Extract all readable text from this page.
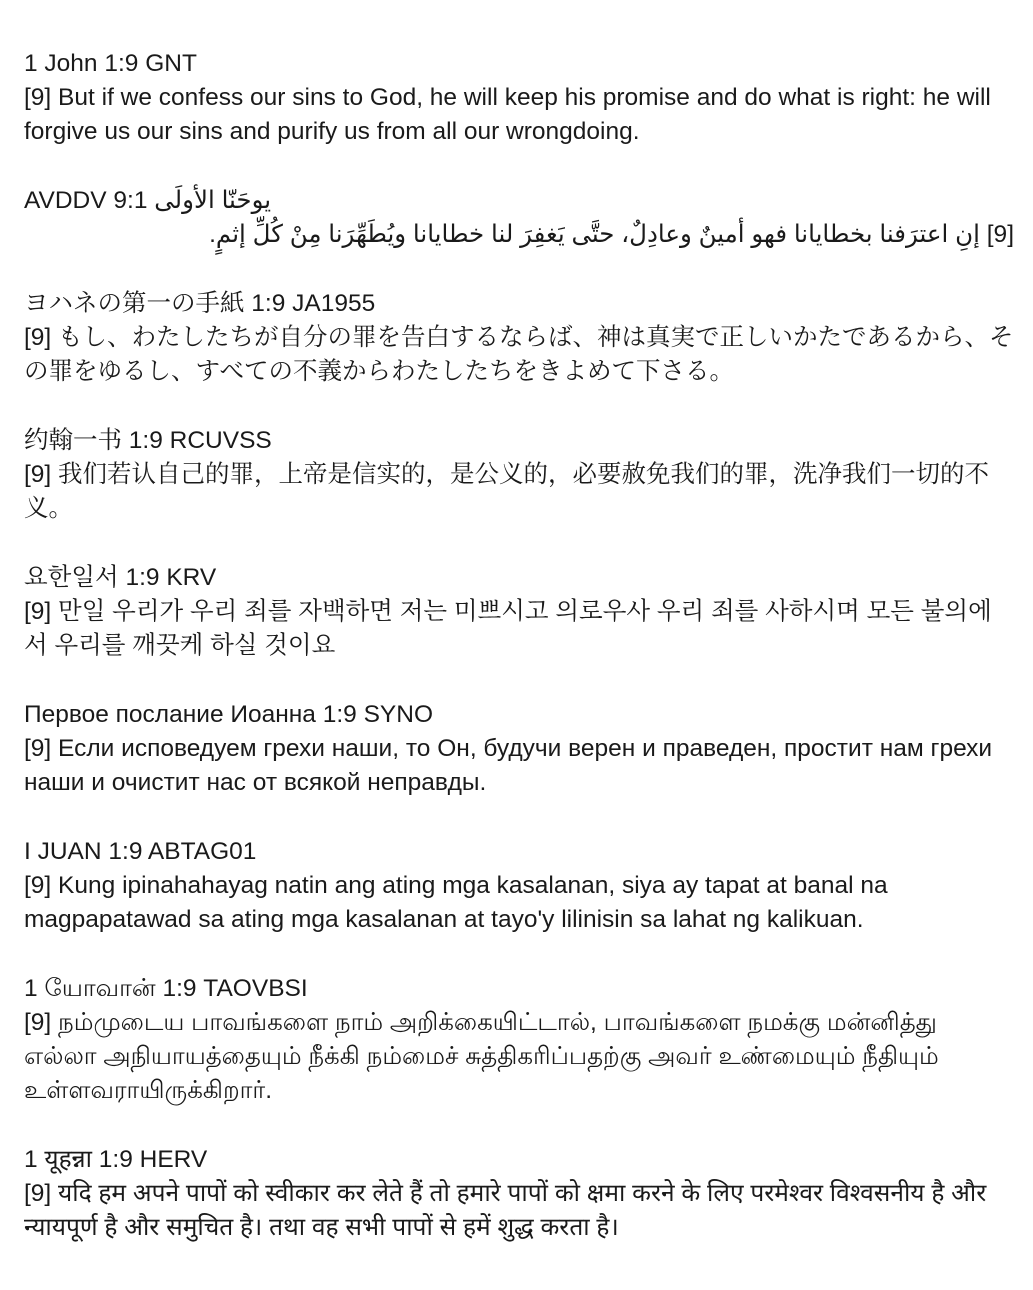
1 John 1:9 GNT

[9] But if we confess our sins to God, he will keep his promise and do what is right: he will forgive us our sins and purify us from all our wrongdoing.

AVDDV 9:1 يوحَنّا الأولَى

[9] إنِ اعترَفنا بخطايانا فهو أمينٌ وعادِلٌ، حتَّى يَغفِرَ لنا خطايانا ويُطَهِّرَنا مِنْ كُلِّ إثمٍ.

ヨハネの第一の手紙 1:9 JA1955

[9] もし、わたしたちが自分の罪を告白するならば、神は真実で正しいかたであるから、その罪をゆるし、すべての不義からわたしたちをきよめて下さる。

约翰一书 1:9 RCUVSS

[9] 我们若认自己的罪，上帝是信实的，是公义的，必要赦免我们的罪，洗净我们一切的不义。

요한일서 1:9 KRV

[9] 만일 우리가 우리 죄를 자백하면 저는 미쁘시고 의로우사 우리 죄를 사하시며 모든 불의에서 우리를 깨끗케 하실 것이요

Первое послание Иоанна 1:9 SYNO

[9] Если исповедуем грехи наши, то Он, будучи верен и праведен, простит нам грехи наши и очистит нас от всякой неправды.

I JUAN 1:9 ABTAG01

[9] Kung ipinahahayag natin ang ating mga kasalanan, siya ay tapat at banal na magpapatawad sa ating mga kasalanan at tayo'y lilinisin sa lahat ng kalikuan.

1 யோவான் 1:9 TAOVBSI

[9] நம்முடைய பாவங்களை நாம் அறிக்கையிட்டால், பாவங்களை நமக்கு மன்னித்து எல்லா அநியாயத்தையும் நீக்கி நம்மைச் சுத்திகரிப்பதற்கு அவர் உண்மையும் நீதியும் உள்ளவராயிருக்கிறார்.

1 यूहन्ना 1:9 HERV

[9] यदि हम अपने पापों को स्वीकार कर लेते हैं तो हमारे पापों को क्षमा करने के लिए परमेश्वर विश्वसनीय है और न्यायपूर्ण है और समुचित है। तथा वह सभी पापों से हमें शुद्ध करता है।
